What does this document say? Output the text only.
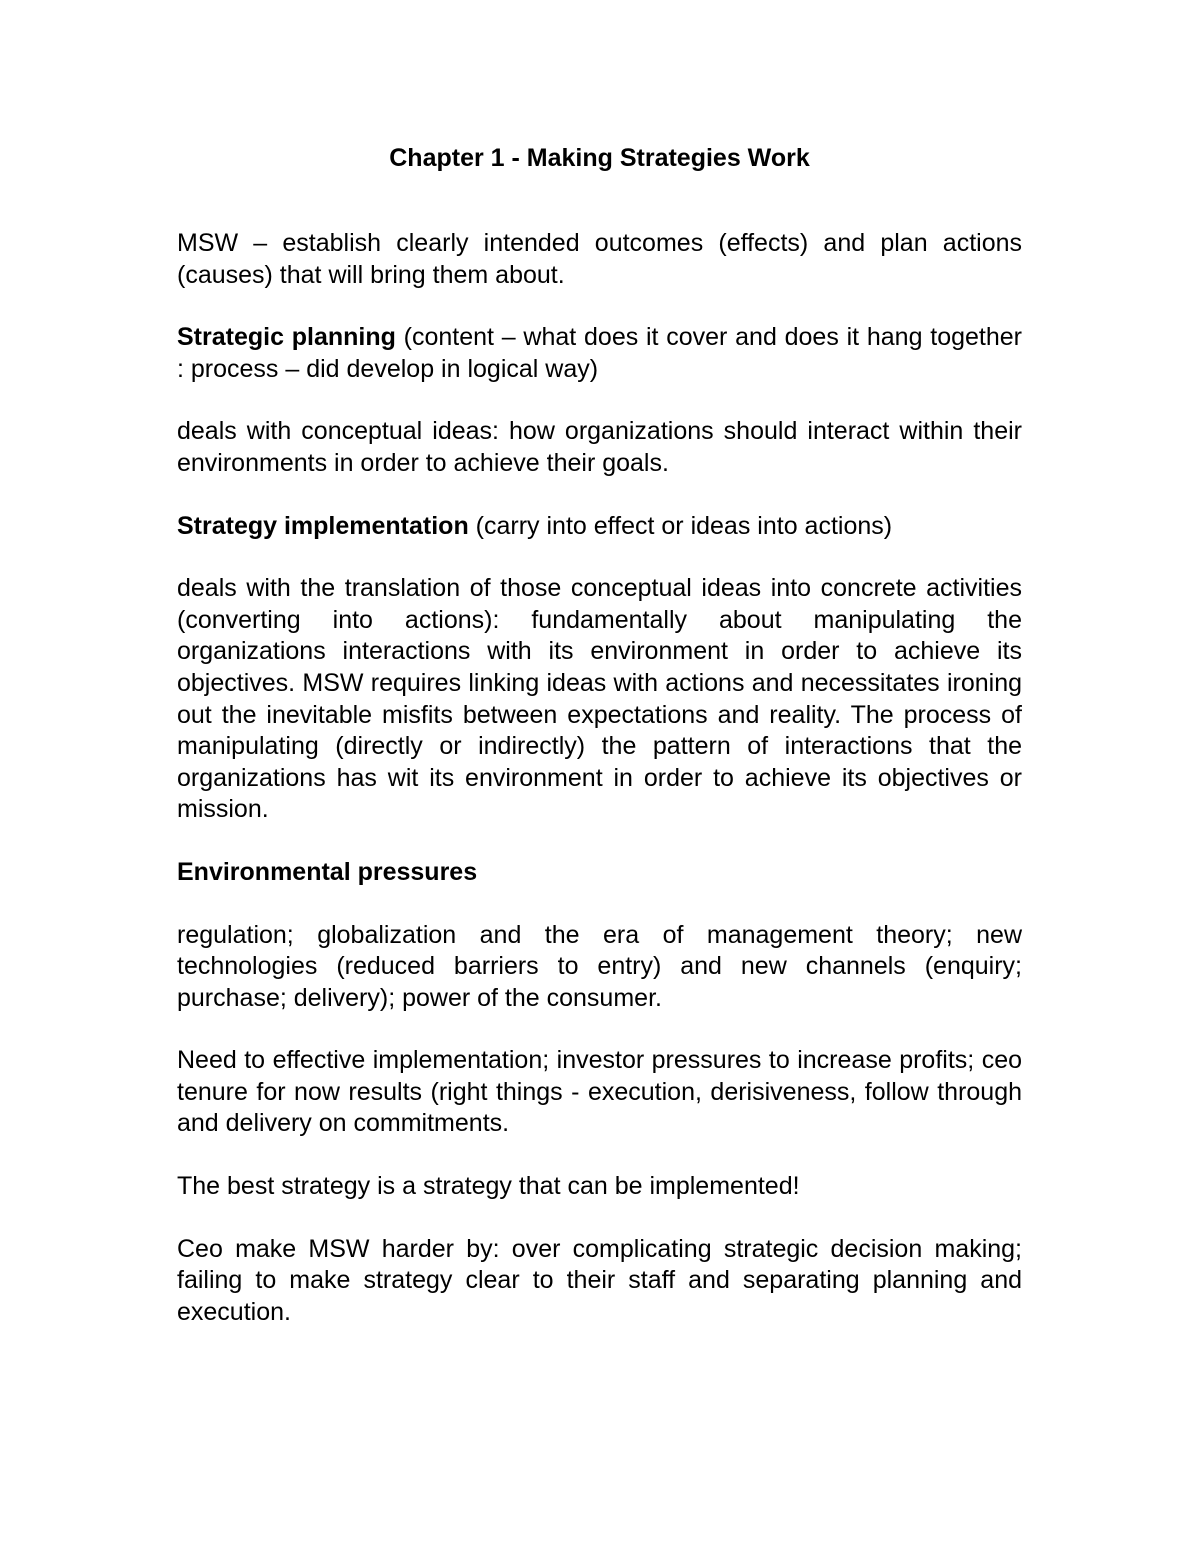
Chapter 1 - Making Strategies Work
MSW – establish clearly intended outcomes (effects) and plan actions (causes) that will bring them about.
Strategic planning (content – what does it cover and does it hang together : process – did develop in logical way)
deals with conceptual ideas: how organizations should interact within their environments in order to achieve their goals.
Strategy implementation (carry into effect or ideas into actions)
deals with the translation of those conceptual ideas into concrete activities (converting into actions): fundamentally about manipulating the organizations interactions with its environment in order to achieve its objectives. MSW requires linking ideas with actions and necessitates ironing out the inevitable misfits between expectations and reality. The process of manipulating (directly or indirectly) the pattern of interactions that the organizations has wit its environment in order to achieve its objectives or mission.
Environmental pressures
regulation; globalization and the era of management theory; new technologies (reduced barriers to entry) and new channels (enquiry; purchase; delivery); power of the consumer.
Need to effective implementation; investor pressures to increase profits; ceo tenure for now results (right things - execution, derisiveness, follow through and delivery on commitments.
The best strategy is a strategy that can be implemented!
Ceo make MSW harder by: over complicating strategic decision making; failing to make strategy clear to their staff and separating planning and execution.
